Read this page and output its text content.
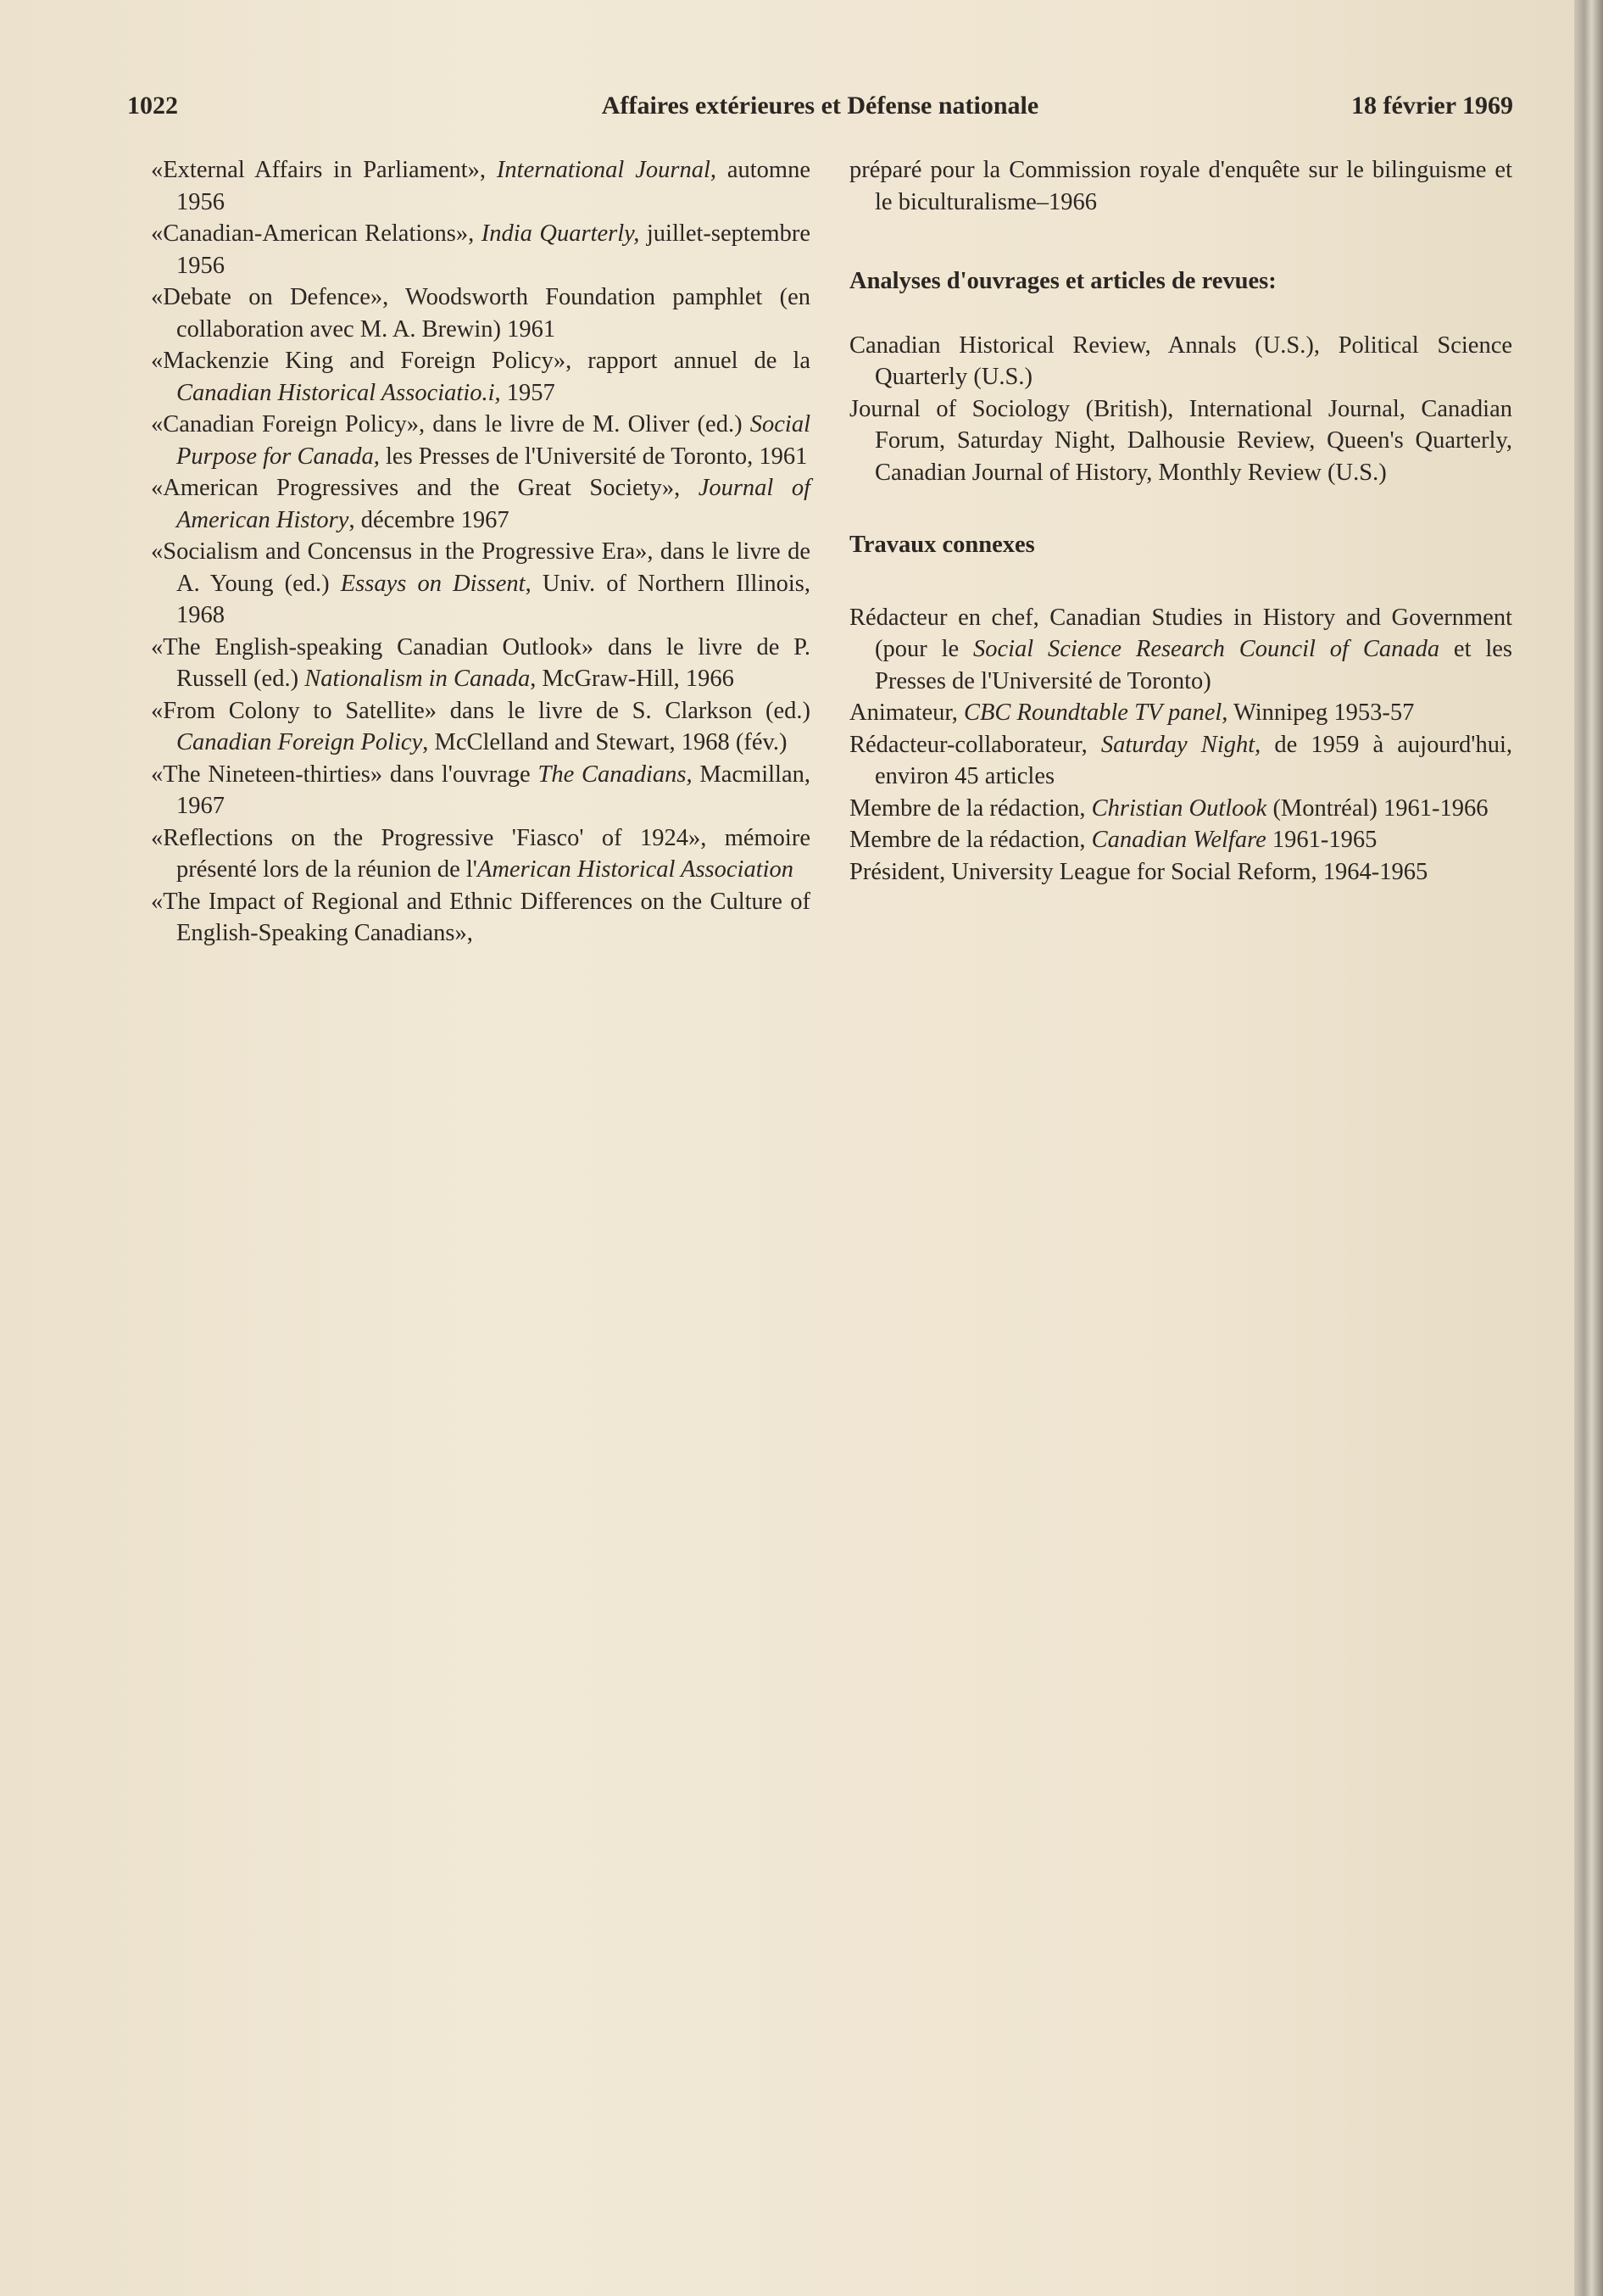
1022	Affaires extérieures et Défense nationale	18 février 1969

«External Affairs in Parliament», International Journal, automne 1956

«Canadian-American Relations», India Quarterly, juillet-septembre 1956

«Debate on Defence», Woodsworth Foundation pamphlet (en collaboration avec M. A. Brewin) 1961

«Mackenzie King and Foreign Policy», rapport annuel de la Canadian Historical Associatio.i, 1957

«Canadian Foreign Policy», dans le livre de M. Oliver (ed.) Social Purpose for Canada, les Presses de l'Université de Toronto, 1961

«American Progressives and the Great Society», Journal of American History, décembre 1967

«Socialism and Concensus in the Progressive Era», dans le livre de A. Young (ed.) Essays on Dissent, Univ. of Northern Illinois, 1968

«The English-speaking Canadian Outlook» dans le livre de P. Russell (ed.) Nationalism in Canada, McGraw-Hill, 1966

«From Colony to Satellite» dans le livre de S. Clarkson (ed.) Canadian Foreign Policy, McClelland and Stewart, 1968 (fév.)

«The Nineteen-thirties» dans l'ouvrage The Canadians, Macmillan, 1967

«Reflections on the Progressive 'Fiasco' of 1924», mémoire présenté lors de la réunion de l'American Historical Association

«The Impact of Regional and Ethnic Differences on the Culture of English-Speaking Canadians»,

préparé pour la Commission royale d'enquête sur le bilinguisme et le biculturalisme–1966

Analyses d'ouvrages et articles de revues:

Canadian Historical Review, Annals (U.S.), Political Science Quarterly (U.S.)

Journal of Sociology (British), International Journal, Canadian Forum, Saturday Night, Dalhousie Review, Queen's Quarterly, Canadian Journal of History, Monthly Review (U.S.)

Travaux connexes

Rédacteur en chef, Canadian Studies in History and Government (pour le Social Science Research Council of Canada et les Presses de l'Université de Toronto)

Animateur, CBC Roundtable TV panel, Winnipeg 1953-57

Rédacteur-collaborateur, Saturday Night, de 1959 à aujourd'hui, environ 45 articles

Membre de la rédaction, Christian Outlook (Montréal) 1961-1966

Membre de la rédaction, Canadian Welfare 1961-1965

Président, University League for Social Reform, 1964-1965
